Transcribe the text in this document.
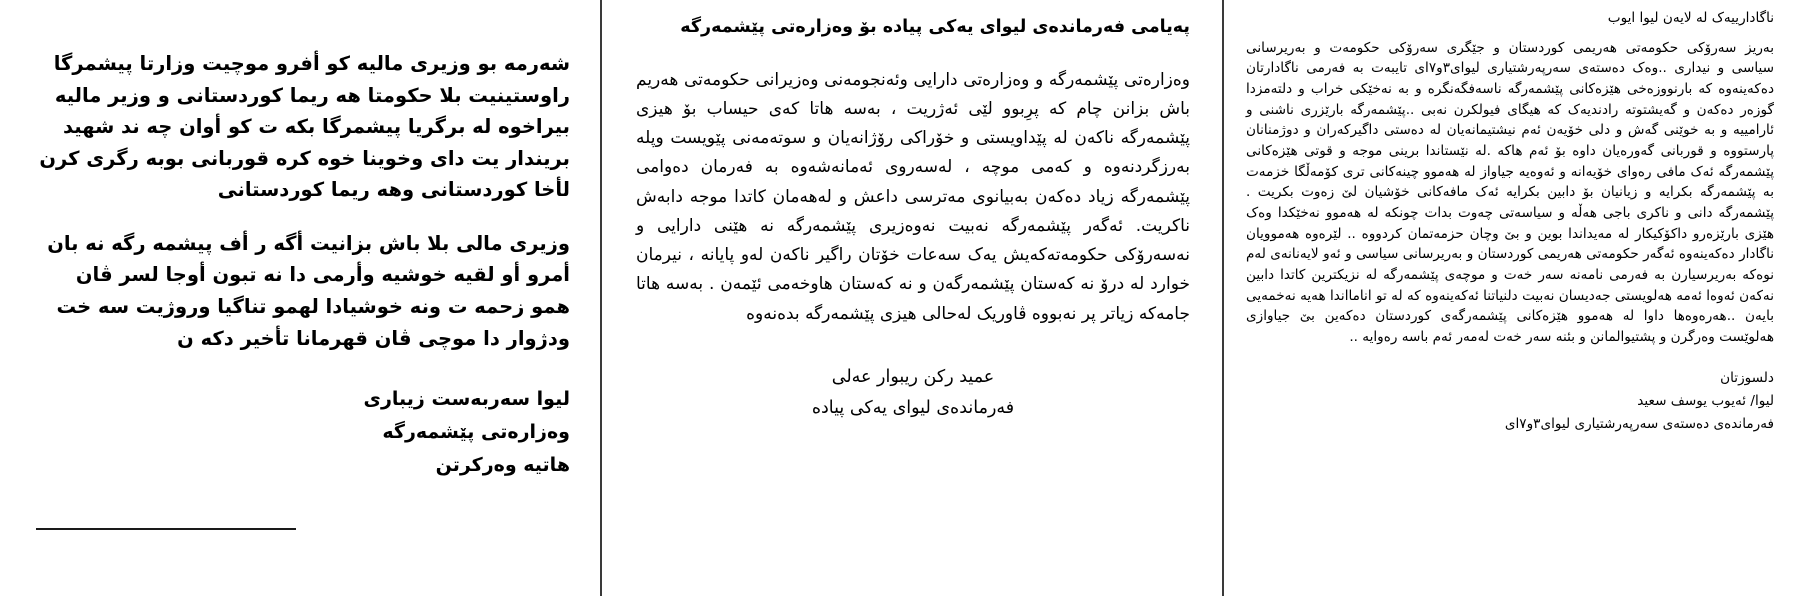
شەرمە بو وزیری مالیە کو أفرو موچیت وزارتا پیشمرگا راوستینیت بلا حکومتا هە ریما کوردستانی و وزیر مالیە بیراخوە لە برگریا پیشمرگا بکە ت کو أوان چە ند شهید بریندار یت دای وخوینا خوە کرە قوربانی بوبە رگری کرن لأخا کوردستانی وهە ریما کوردستانی

وزیری مالی بلا باش بزانیت أگە ر أف پیشمە رگە نە بان أمرو أو لقیە خوشیە وأرمی دا نە تبون أوجا لسر ڤان همو زحمە ت ونە خوشیادا لهمو تناگیا وروژیت سە خت ودژوار دا موچی ڤان قهرمانا تأخیر دکە ن

لیوا سەربەست زیباری
وەزارەتی پێشمەرگە
هاتیە وەرکرتن

پەیامی فەرماندەی لیوای یەکی پیادە بۆ وەزارەتی پێشمەرگە

وەزارەتی پێشمەرگە و وەزارەتی دارایی وئەنجومەنی وەزیرانی حکومەتی هەریم باش بزانن چام کە پرِبوو لێی ئەژریت ، بەسە هاتا کەی حیساب بۆ هیزی پێشمەرگە ناکەن لە پێداویستی و خۆراکی رۆژانەیان و سوتەمەنی پێویست وپلە بەرزگردنەوە و کەمی موچە ، لەسەروی ئەمانەشەوە بە فەرمان دەوامی پێشمەرگە زیاد دەکەن بەبیانوی مەترسی داعش و لەهەمان کاتدا موجە دابەش ناکریت. ئەگەر پێشمەرگە نەبیت نەوەزیری پێشمەرگە نە هێنی دارایی و نەسەرۆکی حکومەتەکەیش یەک سەعات خۆتان راگیر ناکەن لەو پایانە ، نیرمان خوارد لە درۆ نە کەستان پێشمەرگەن و نە کەستان هاوخەمی ئێمەن . بەسە هاتا جامەکە زیاتر پر نەبووە ڤاوریک لەحالی هیزی پێشمەرگە بدەنەوە

عمید رکن ریبوار عەلی
فەرماندەی لیوای یەکی پیادە

ناگادارییەک لە لایەن لیوا ایوب

بەریز سەرۆکی حکومەتی هەریمی کوردستان و جێگری سەرۆکی حکومەت و بەریرسانی سیاسی و نیداری ..وەک دەستەی سەرپەرشتیاری لیوای۳و۷ای تایبەت بە فەرمی ناگادارتان دەکەینەوە کە بارنووزەخی هێزەکانی پێشمەرگە ناسەفگەنگرە و بە نەخێکی خراب و دلتەمزدا گوزەر دەکەن و گەیشتوتە رادندیەک کە هیگای فیولکرن نەبی ..پێشمەرگە بارێزری ناشنی و ئارامییە و بە خوێنی گەش و دلی خۆیەن ئەم نیشتیمانەیان لە دەستی داگیرکەران و دوژمنانان پارستووە و قوربانی گەورەیان داوە بۆ ئەم هاکە .لە نێستاندا برینی موجە و قوتی هێزەکانی پێشمەرگە ئەک مافی رەوای خۆیەانە و ئەوەیە جیاواز لە هەموو چینەکانی تری کۆمەڵگا خزمەت بە پێشمەرگە بکرایە و زیانیان بۆ دابین بکرایە ئەک مافەکانی خۆشیان لێ زەوت بکریت . پێشمەرگە دانی و ناکری باجی هەڵە و سیاسەتی چەوت بدات چونکە لە هەموو نەخێکدا وەک هێزی بارێزەرو داکۆکیکار لە مەیداندا بوین و بێ وچان حزمەتمان کردووە .. لێرەوە هەموویان ناگادار دەکەینەوە ئەگەر حکومەتی هەریمی کوردستان و بەریرسانی سیاسی و ئەو لایەنانەی لەم نوەکە بەریرسیارن بە فەرمی نامەنە سەر خەت و موچەی پێشمەرگە لە نزیکترین کاتدا دابین نەکەن ئەوەا ئەمە هەلویستی جەدیسان نەبیت دلنیاتنا ئەکەینەوە کە لە تو انامااندا هەیە نەخمەیی بایەن ..هەرەوەها داوا لە هەموو هێزەکانی پێشمەرگەی کوردستان دەکەین بێ جیاوازی هەلوێست وەرگرن و پشتیوالمانن و بئنە سەر خەت لەمەر ئەم باسە رەوایە ..

دلسوزتان
لیوا/ ئەیوب یوسف سعید
فەرماندەی دەستەی سەرپەرشتیاری لیوای۳و۷ای
